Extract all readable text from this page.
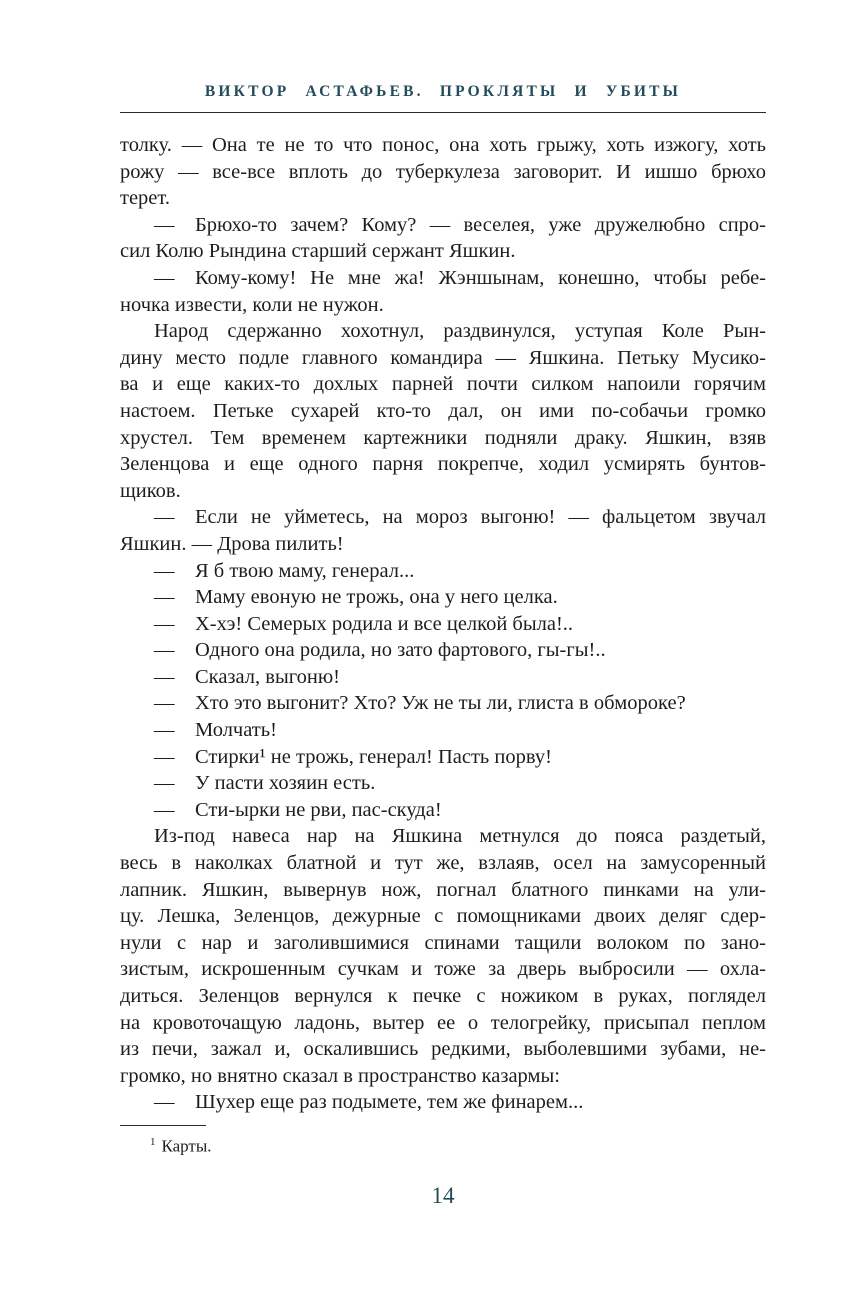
ВИКТОР АСТАФЬЕВ. ПРОКЛЯТЫ И УБИТЫ
толку. — Она те не то что понос, она хоть грыжу, хоть изжогу, хоть
рожу — все-все вплоть до туберкулеза заговорит. И ишшо брюхо
терет.
— Брюхо-то зачем? Кому? — веселея, уже дружелюбно спро-
сил Колю Рындина старший сержант Яшкин.
— Кому-кому! Не мне жа! Жэншынам, конешно, чтобы ребе-
ночка извести, коли не нужон.
Народ сдержанно хохотнул, раздвинулся, уступая Коле Рын-
дину место подле главного командира — Яшкина. Петьку Мусико-
ва и еще каких-то дохлых парней почти силком напоили горячим
настоем. Петьке сухарей кто-то дал, он ими по-собачьи громко
хрустел. Тем временем картежники подняли драку. Яшкин, взяв
Зеленцова и еще одного парня покрепче, ходил усмирять бунтов-
щиков.
— Если не уйметесь, на мороз выгоню! — фальцетом звучал
Яшкин. — Дрова пилить!
— Я б твою маму, генерал...
— Маму евоную не трожь, она у него целка.
— Х-хэ! Семерых родила и все целкой была!..
— Одного она родила, но зато фартового, гы-гы!..
— Сказал, выгоню!
— Хто это выгонит? Хто? Уж не ты ли, глиста в обмороке?
— Молчать!
— Стирки¹ не трожь, генерал! Пасть порву!
— У пасти хозяин есть.
— Сти-ырки не рви, пас-скуда!
Из-под навеса нар на Яшкина метнулся до пояса раздетый,
весь в наколках блатной и тут же, взлаяв, осел на замусоренный
лапник. Яшкин, вывернув нож, погнал блатного пинками на ули-
цу. Лешка, Зеленцов, дежурные с помощниками двоих деляг сдер-
нули с нар и заголившимися спинами тащили волоком по зано-
зистым, искрошенным сучкам и тоже за дверь выбросили — охла-
диться. Зеленцов вернулся к печке с ножиком в руках, поглядел
на кровоточащую ладонь, вытер ее о телогрейку, присыпал пеплом
из печи, зажал и, оскалившись редкими, выболевшими зубами, не-
громко, но внятно сказал в пространство казармы:
— Шухер еще раз подымете, тем же финарем...
$^1$ Карты.
14
